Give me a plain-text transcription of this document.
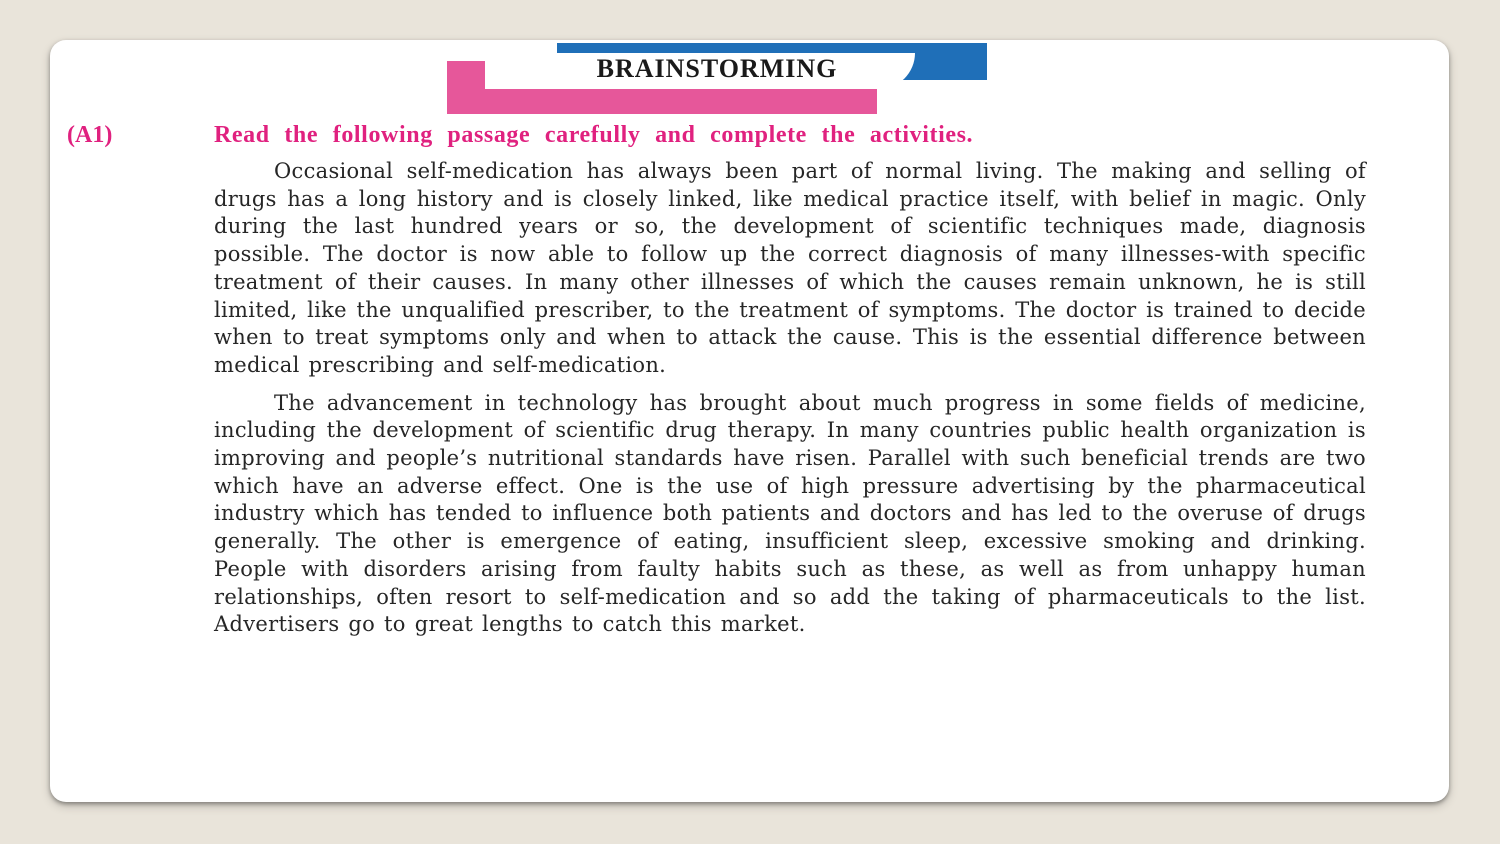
BRAINSTORMING
(A1)	Read the following passage carefully and complete the activities.

Occasional self-medication has always been part of normal living. The making and selling of drugs has a long history and is closely linked, like medical practice itself, with belief in magic. Only during the last hundred years or so, the development of scientific techniques made, diagnosis possible. The doctor is now able to follow up the correct diagnosis of many illnesses-with specific treatment of their causes. In many other illnesses of which the causes remain unknown, he is still limited, like the unqualified prescriber, to the treatment of symptoms. The doctor is trained to decide when to treat symptoms only and when to attack the cause. This is the essential difference between medical prescribing and self-medication.

The advancement in technology has brought about much progress in some fields of medicine, including the development of scientific drug therapy. In many countries public health organization is improving and people’s nutritional standards have risen. Parallel with such beneficial trends are two which have an adverse effect. One is the use of high pressure advertising by the pharmaceutical industry which has tended to influence both patients and doctors and has led to the overuse of drugs generally. The other is emergence of eating, insufficient sleep, excessive smoking and drinking. People with disorders arising from faulty habits such as these, as well as from unhappy human relationships, often resort to self-medication and so add the taking of pharmaceuticals to the list. Advertisers go to great lengths to catch this market.
